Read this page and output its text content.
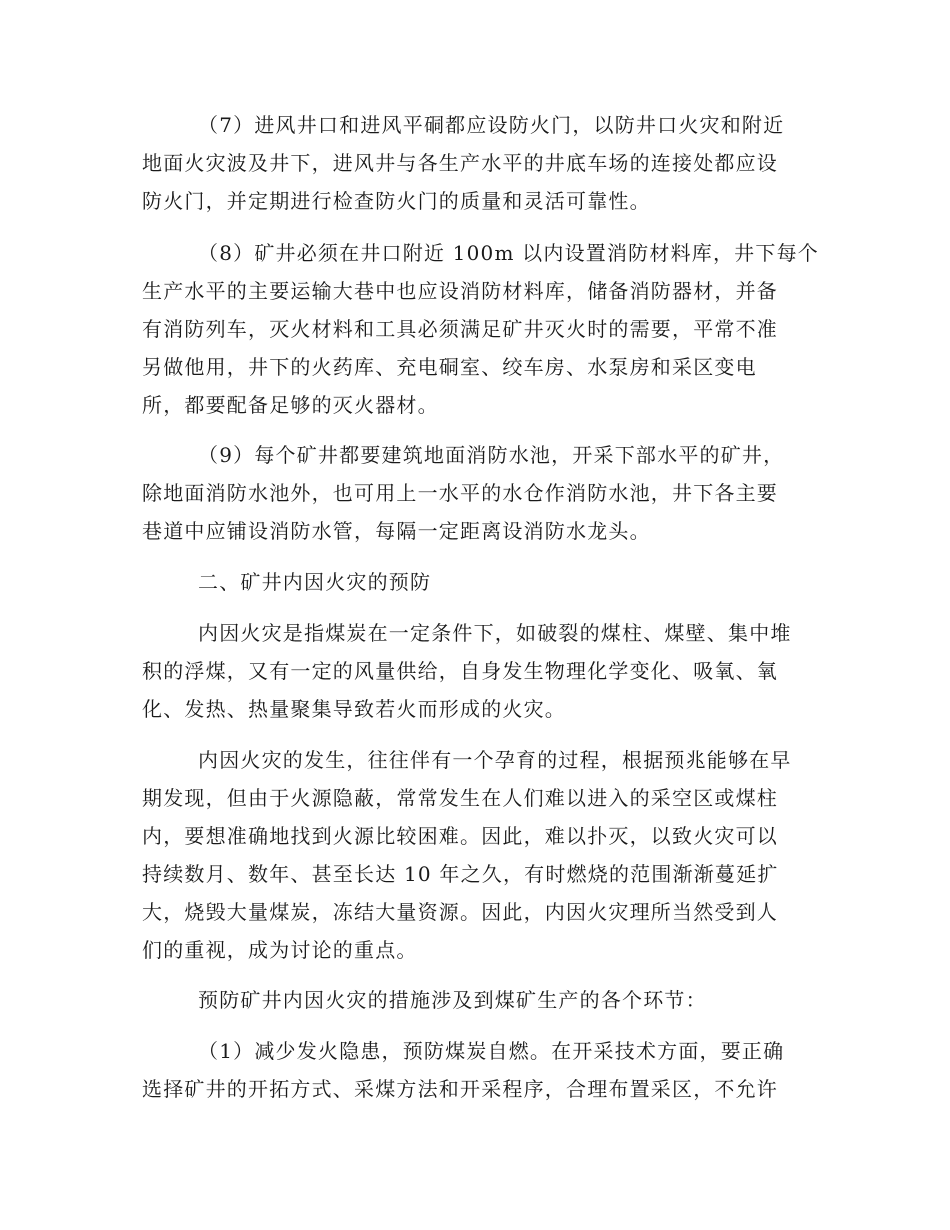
（7）进风井口和进风平硐都应设防火门，以防井口火灾和附近
地面火灾波及井下，进风井与各生产水平的井底车场的连接处都应设
防火门，并定期进行检查防火门的质量和灵活可靠性。
（8）矿井必须在井口附近 100m 以内设置消防材料库，井下每个
生产水平的主要运输大巷中也应设消防材料库，储备消防器材，并备
有消防列车，灭火材料和工具必须满足矿井灭火时的需要，平常不准
另做他用，井下的火药库、充电硐室、绞车房、水泵房和采区变电
所，都要配备足够的灭火器材。
（9）每个矿井都要建筑地面消防水池，开采下部水平的矿井，
除地面消防水池外，也可用上一水平的水仓作消防水池，井下各主要
巷道中应铺设消防水管，每隔一定距离设消防水龙头。
二、矿井内因火灾的预防
内因火灾是指煤炭在一定条件下，如破裂的煤柱、煤壁、集中堆
积的浮煤，又有一定的风量供给，自身发生物理化学变化、吸氧、氧
化、发热、热量聚集导致若火而形成的火灾。
内因火灾的发生，往往伴有一个孕育的过程，根据预兆能够在早
期发现，但由于火源隐蔽，常常发生在人们难以进入的采空区或煤柱
内，要想准确地找到火源比较困难。因此，难以扑灭，以致火灾可以
持续数月、数年、甚至长达 10 年之久，有时燃烧的范围渐渐蔓延扩
大，烧毁大量煤炭，冻结大量资源。因此，内因火灾理所当然受到人
们的重视，成为讨论的重点。
预防矿井内因火灾的措施涉及到煤矿生产的各个环节：
（1）减少发火隐患，预防煤炭自燃。在开采技术方面，要正确
选择矿井的开拓方式、采煤方法和开采程序，合理布置采区，不允许
